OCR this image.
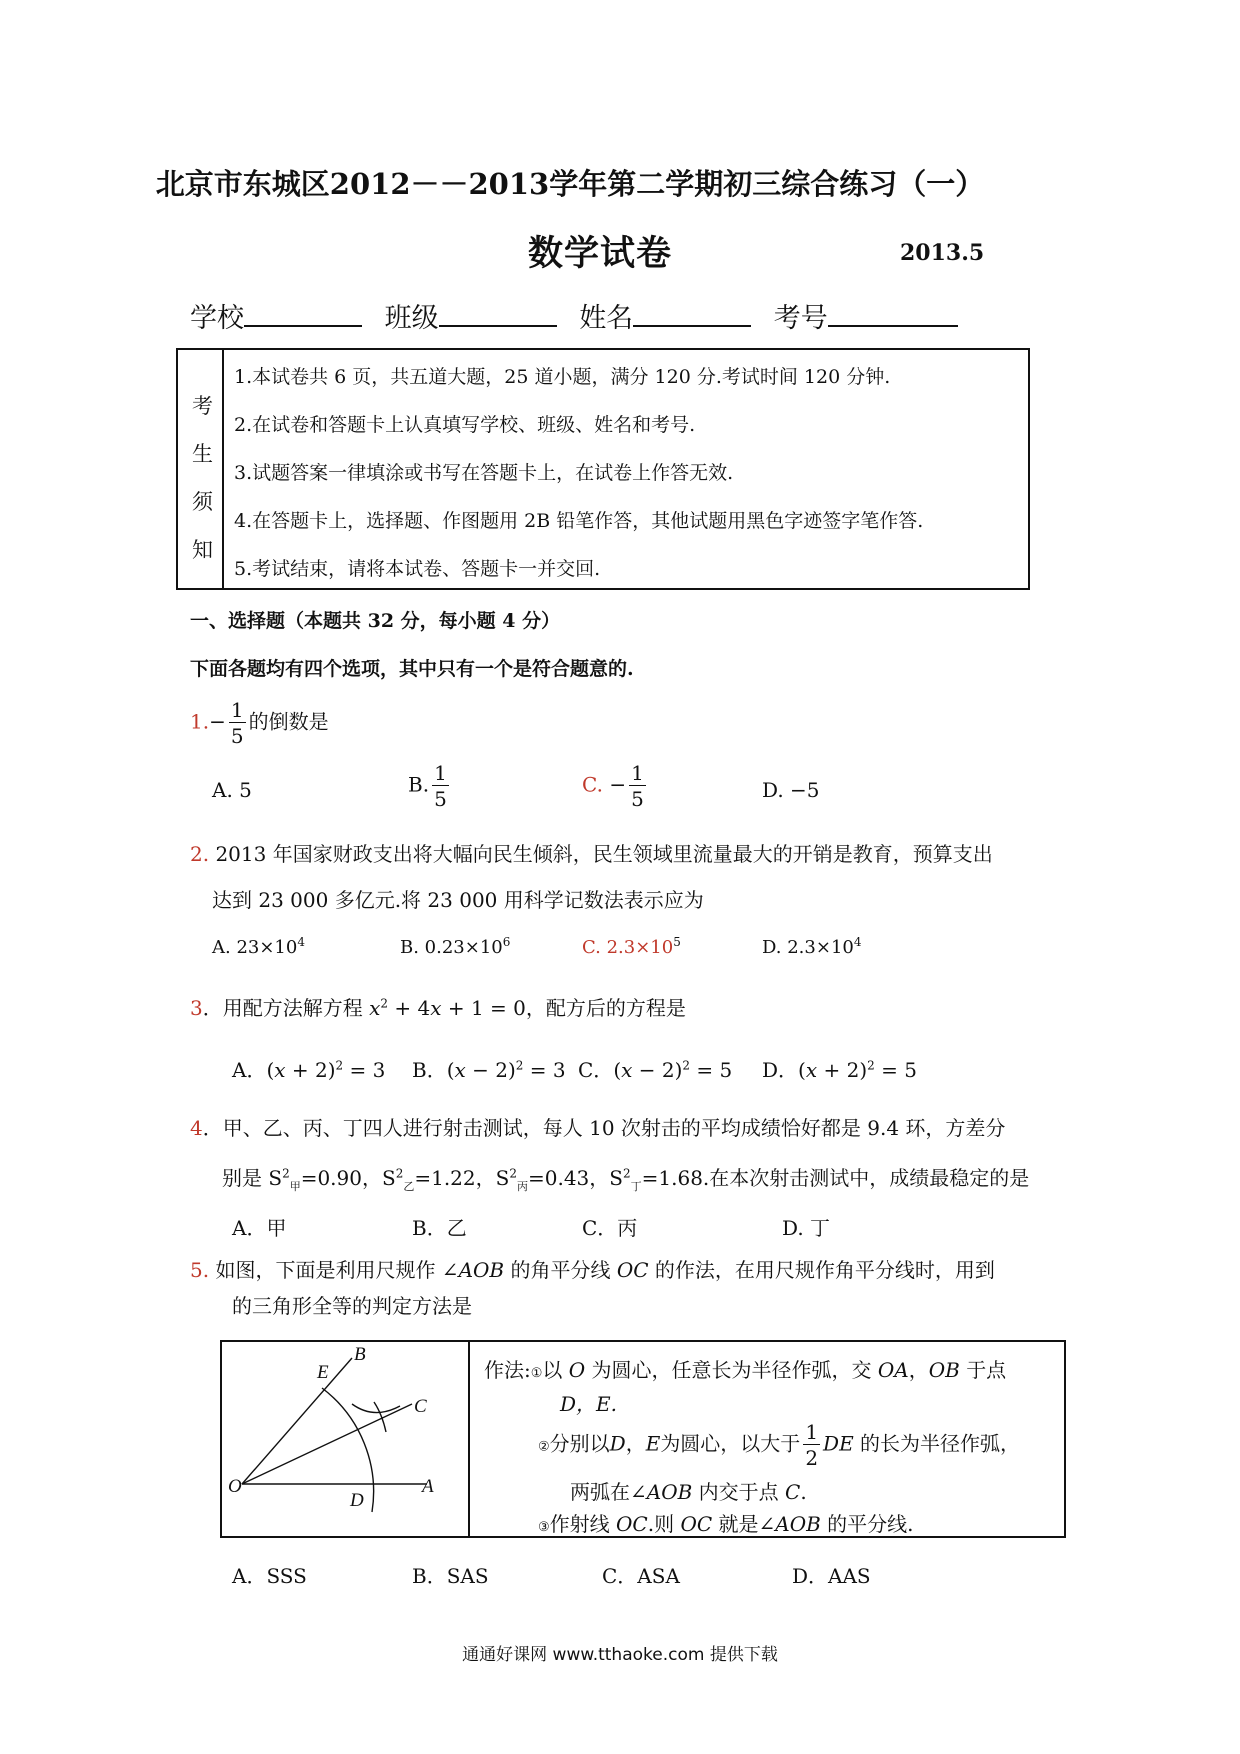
北京市东城区2012－－2013学年第二学期初三综合练习（一）
数学试卷	2013.5
学校	班级	姓名	考号
考
生
须
知
1.本试卷共 6 页，共五道大题，25 道小题，满分 120 分.考试时间 120 分钟.
2.在试卷和答题卡上认真填写学校、班级、姓名和考号.
3.试题答案一律填涂或书写在答题卡上，在试卷上作答无效.
4.在答题卡上，选择题、作图题用 2B 铅笔作答，其他试题用黑色字迹签字笔作答.
5.考试结束，请将本试卷、答题卡一并交回.
一、选择题（本题共 32 分，每小题 4 分）
下面各题均有四个选项，其中只有一个是符合题意的.
$1.- \frac{1}{5}$ 的倒数是
A. 5	B. $\frac{1}{5}$	C. − $\frac{1}{5}$	D. −5
2. 2013 年国家财政支出将大幅向民生倾斜，民生领域里流量最大的开销是教育，预算支出
达到 23 000 多亿元.将 23 000 用科学记数法表示应为
A. $23\times 10^4$	B. $0.23\times 10^6$	C. $2.3\times 10^5$	D. $2.3\times 10^4$
3．用配方法解方程 $x^2 + 4x + 1 = 0$，配方后的方程是
A．$(x + 2)^2 = 3$ B．$(x - 2)^2 = 3$ C．$(x - 2)^2 = 5$ D．$(x + 2)^2 = 5$
4．甲、乙、丙、丁四人进行射击测试，每人 10 次射击的平均成绩恰好都是 9.4 环，方差分
别是 $S^2_甲=0.90$，$S^2_乙=1.22$，$S^2_丙=0.43$，$S^2_丁=1.68$.在本次射击测试中，成绩最稳定的是
A．甲	B．乙	C．丙	D. 丁
5. 如图，下面是利用尺规作 ∠AOB 的角平分线 OC 的作法，在用尺规作角平分线时，用到
的三角形全等的判定方法是
B
E
C
O
D
A
作法:①以 O 为圆心，任意长为半径作弧，交 OA，OB 于点
D，E.
②分别以D，E为圆心，以大于 $\frac{1}{2}$ DE 的长为半径作弧，
两弧在∠AOB 内交于点 C.
③作射线 OC.则 OC 就是∠AOB 的平分线.
A．SSS	B．SAS	C．ASA	D．AAS
通通好课网 www.tthaoke.com 提供下载
